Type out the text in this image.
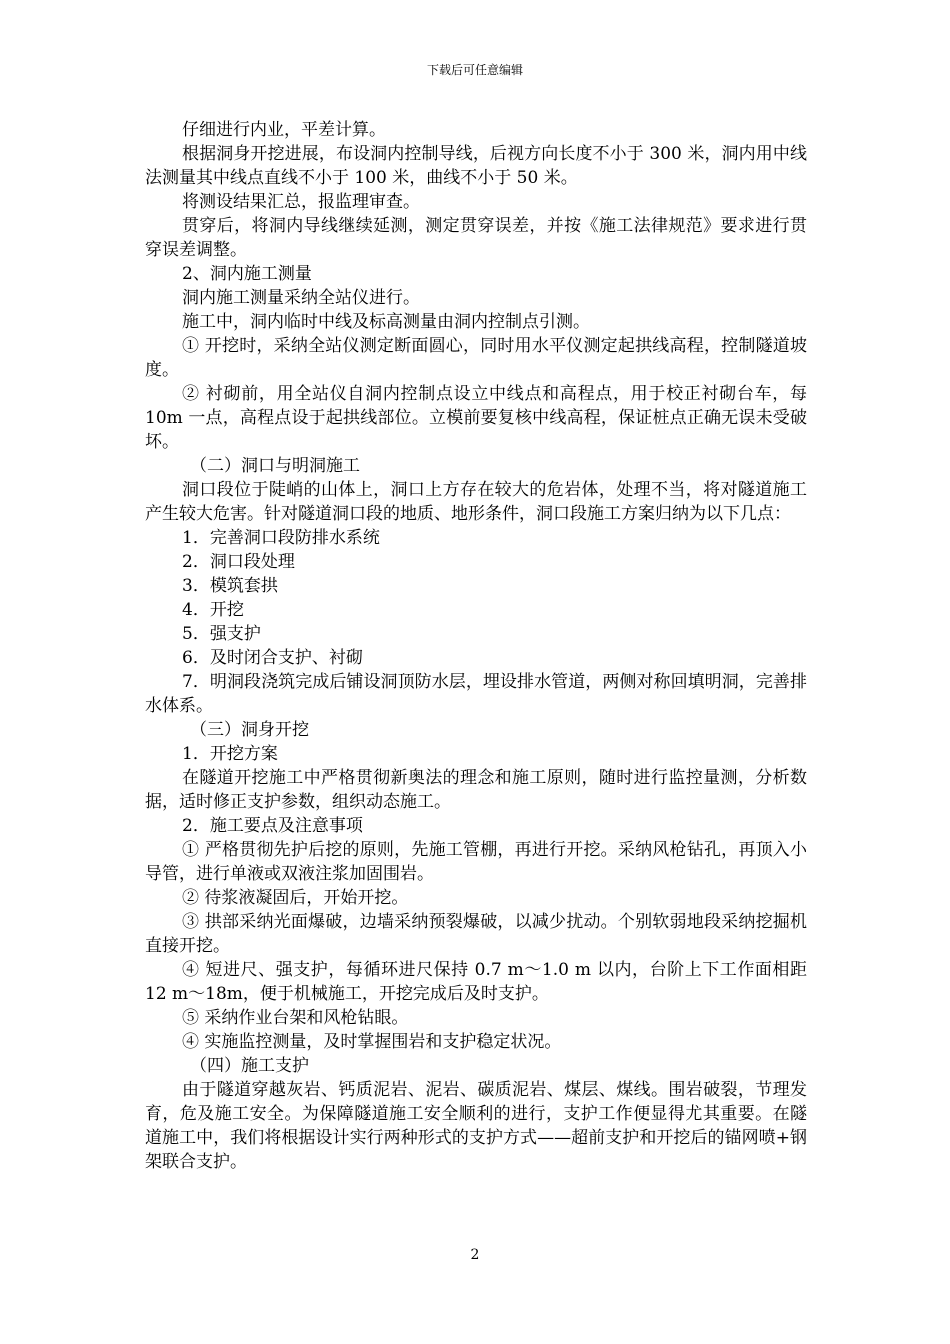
下载后可任意编辑

仔细进行内业，平差计算。

根据洞身开挖进展，布设洞内控制导线，后视方向长度不小于 300 米，洞内用中线法测量其中线点直线不小于 100 米，曲线不小于 50 米。

将测设结果汇总，报监理审查。

贯穿后，将洞内导线继续延测，测定贯穿误差，并按《施工法律规范》要求进行贯穿误差调整。

2、洞内施工测量

洞内施工测量采纳全站仪进行。

施工中，洞内临时中线及标高测量由洞内控制点引测。

① 开挖时，采纳全站仪测定断面圆心，同时用水平仪测定起拱线高程，控制隧道坡度。

② 衬砌前，用全站仪自洞内控制点设立中线点和高程点，用于校正衬砌台车，每 10m 一点，高程点设于起拱线部位。立模前要复核中线高程，保证桩点正确无误未受破坏。

（二）洞口与明洞施工

洞口段位于陡峭的山体上，洞口上方存在较大的危岩体，处理不当，将对隧道施工产生较大危害。针对隧道洞口段的地质、地形条件，洞口段施工方案归纳为以下几点：

1．完善洞口段防排水系统

2．洞口段处理

3．模筑套拱

4．开挖

5．强支护

6．及时闭合支护、衬砌

7．明洞段浇筑完成后铺设洞顶防水层，埋设排水管道，两侧对称回填明洞，完善排水体系。

（三）洞身开挖

1．开挖方案

在隧道开挖施工中严格贯彻新奥法的理念和施工原则，随时进行监控量测，分析数据，适时修正支护参数，组织动态施工。

2．施工要点及注意事项

① 严格贯彻先护后挖的原则，先施工管棚，再进行开挖。采纳风枪钻孔，再顶入小导管，进行单液或双液注浆加固围岩。

② 待浆液凝固后，开始开挖。

③ 拱部采纳光面爆破，边墙采纳预裂爆破，以减少扰动。个别软弱地段采纳挖掘机直接开挖。

④ 短进尺、强支护，每循环进尺保持 0.7 m～1.0 m 以内，台阶上下工作面相距 12 m～18m，便于机械施工，开挖完成后及时支护。

⑤ 采纳作业台架和风枪钻眼。

④ 实施监控测量，及时掌握围岩和支护稳定状况。

（四）施工支护

由于隧道穿越灰岩、钙质泥岩、泥岩、碳质泥岩、煤层、煤线。围岩破裂，节理发育，危及施工安全。为保障隧道施工安全顺利的进行，支护工作便显得尤其重要。在隧道施工中，我们将根据设计实行两种形式的支护方式——超前支护和开挖后的锚网喷+钢架联合支护。

2
